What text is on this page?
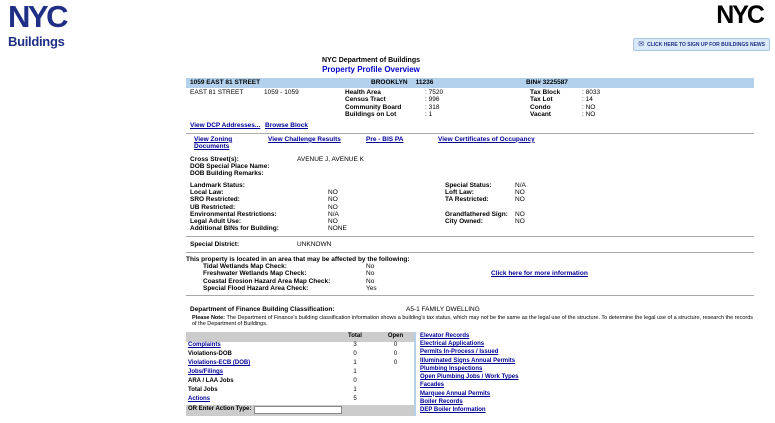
NYC
Buildings
NYC
✉ CLICK HERE TO SIGN UP FOR BUILDINGS NEWS
NYC Department of Buildings
Property Profile Overview
1059 EAST 81 STREET	BROOKLYN 11236	BIN# 3225587
EAST 81 STREET	1059 - 1059	Health Area	: 7520
Census Tract	: 996
Community Board	: 318
Buildings on Lot	: 1
Tax Block	: 8033
Tax Lot	: 14
Condo	: NO
Vacant	: NO
View DCP Addresses... Browse Block
View Zoning Documents
View Challenge Results	Pre - BIS PA	View Certificates of Occupancy
Cross Street(s):	AVENUE J, AVENUE K
DOB Special Place Name:
DOB Building Remarks:
Landmark Status:	Special Status:	N/A
Local Law:	NO	Loft Law:	NO
SRO Restricted:	NO	TA Restricted:	NO
UB Restricted:	NO
Environmental Restrictions:	N/A	Grandfathered Sign:	NO
Legal Adult Use:	NO	City Owned:	NO
Additional BINs for Building:	NONE
Special District:	UNKNOWN
This property is located in an area that may be affected by the following:
Tidal Wetlands Map Check:	No
Freshwater Wetlands Map Check:	No	Click here for more information
Coastal Erosion Hazard Area Map Check:	No
Special Flood Hazard Area Check:	Yes
Department of Finance Building Classification:	A5-1 FAMILY DWELLING
Please Note: The Department of Finance's building classification information shows a building's tax status, which may not be the same as the legal use of the structure. To determine the legal use of a structure, research the records of the Department of Buildings.
Total	Open
Complaints	3	0
Violations-DOB	0	0
Violations-ECB (DOB)	1	0
Jobs/Filings	1
ARA / LAA Jobs	0
Total Jobs	1
Actions	5
OR Enter Action Type:
Elevator Records
Electrical Applications
Permits In-Process / Issued
Illuminated Signs Annual Permits
Plumbing Inspections
Open Plumbing Jobs / Work Types
Facades
Marquee Annual Permits
Boiler Records
DEP Boiler Information
